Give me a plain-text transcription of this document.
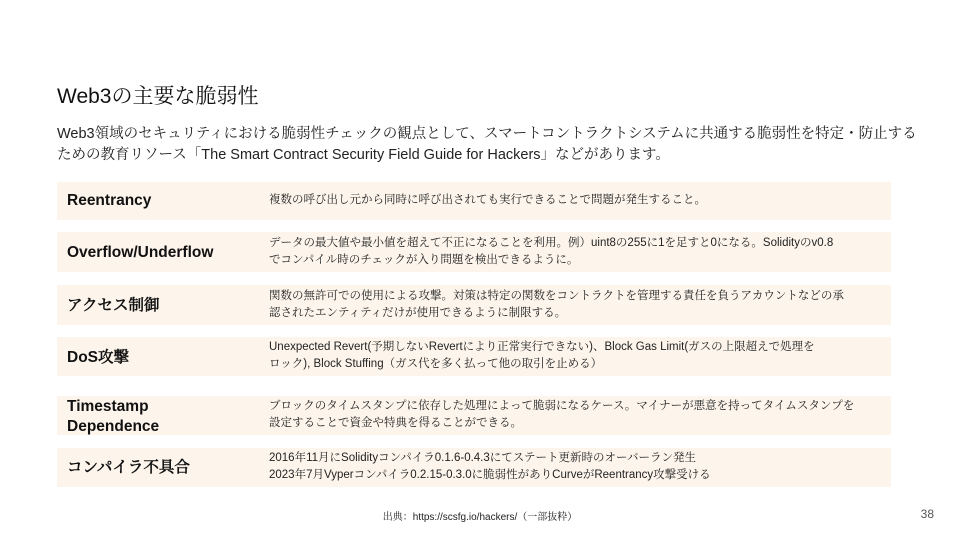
Web3の主要な脆弱性

Web3領域のセキュリティにおける脆弱性チェックの観点として、スマートコントラクトシステムに共通する脆弱性を特定・防止する

ための教育リソース「The Smart Contract Security Field Guide for Hackers」などがあります。

Reentrancy	複数の呼び出し元から同時に呼び出されても実行できることで問題が発生すること。
Overflow/Underflow
データの最大値や最小値を超えて不正になることを利用。例）uint8の255に1を足すと0になる。Solidityのv0.8
でコンパイル時のチェックが入り問題を検出できるように。
アクセス制御
関数の無許可での使用による攻撃。対策は特定の関数をコントラクトを管理する責任を負うアカウントなどの承
認されたエンティティだけが使用できるように制限する。
DoS攻撃
Unexpected Revert(予期しないRevertにより正常実行できない)、Block Gas Limit(ガスの上限超えで処理を
ロック), Block Stuffing（ガス代を多く払って他の取引を止める）
Timestamp
Dependence
ブロックのタイムスタンプに依存した処理によって脆弱になるケース。マイナーが悪意を持ってタイムスタンプを
設定することで資金や特典を得ることができる。
コンパイラ不具合
2016年11月にSolidityコンパイラ0.1.6-0.4.3にてステート更新時のオーバーラン発生
2023年7月Vyperコンパイラ0.2.15-0.3.0に脆弱性がありCurveがReentrancy攻撃受ける
出典：https://scsfg.io/hackers/（一部抜粋）	38
